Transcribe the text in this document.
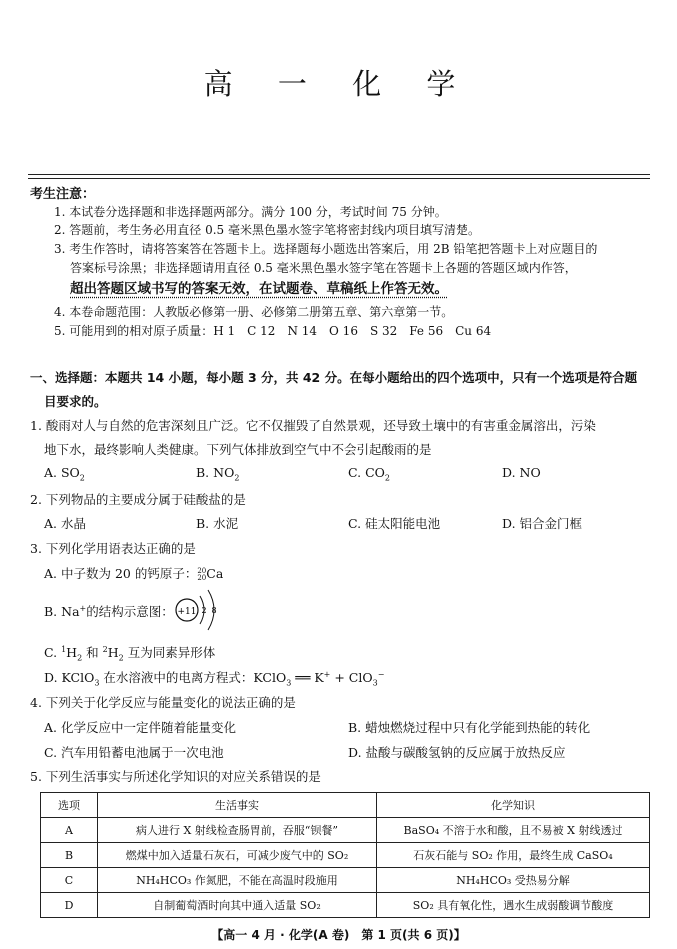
高 一 化 学
考生注意：
1. 本试卷分选择题和非选择题两部分。满分 100 分，考试时间 75 分钟。
2. 答题前，考生务必用直径 0.5 毫米黑色墨水签字笔将密封线内项目填写清楚。
3. 考生作答时，请将答案答在答题卡上。选择题每小题选出答案后，用 2B 铅笔把答题卡上对应题目的
答案标号涂黑；非选择题请用直径 0.5 毫米黑色墨水签字笔在答题卡上各题的答题区域内作答，
超出答题区域书写的答案无效，在试题卷、草稿纸上作答无效。
4. 本卷命题范围：人教版必修第一册、必修第二册第五章、第六章第一节。
5. 可能用到的相对原子质量：H 1　C 12　N 14　O 16　S 32　Fe 56　Cu 64
一、选择题：本题共 14 小题，每小题 3 分，共 42 分。在每小题给出的四个选项中，只有一个选项是符合题
目要求的。
1. 酸雨对人与自然的危害深刻且广泛。它不仅摧毁了自然景观，还导致土壤中的有害重金属溶出，污染
地下水，最终影响人类健康。下列气体排放到空气中不会引起酸雨的是
A. $SO_2$	B. $NO_2$	C. $CO_2$	D. NO
2. 下列物品的主要成分属于硅酸盐的是
A. 水晶	B. 水泥	C. 硅太阳能电池	D. 铝合金门框
3. 下列化学用语表达正确的是
A. 中子数为 20 的钙原子：20
20Ca
B. Na+的结构示意图： +11 2 8
C. $^1H_2$ 和 $^2H_2$ 互为同素异形体
D. KClO$_3$ 在水溶液中的电离方程式：KClO$_3$ ══ K+ + ClO$_3$−
4. 下列关于化学反应与能量变化的说法正确的是
A. 化学反应中一定伴随着能量变化	B. 蜡烛燃烧过程中只有化学能到热能的转化
C. 汽车用铅蓄电池属于一次电池	D. 盐酸与碳酸氢钠的反应属于放热反应
5. 下列生活事实与所述化学知识的对应关系错误的是
选项	生活事实	化学知识
A	病人进行 X 射线检查肠胃前，吞服“钡餐”	BaSO₄ 不溶于水和酸，且不易被 X 射线透过
B	燃煤中加入适量石灰石，可减少废气中的 SO₂	石灰石能与 SO₂ 作用，最终生成 CaSO₄
C	NH₄HCO₃ 作氮肥，不能在高温时段施用	NH₄HCO₃ 受热易分解
D	自制葡萄酒时向其中通入适量 SO₂	SO₂ 具有氧化性，遇水生成弱酸调节酸度
【高一 4 月 · 化学(A 卷)　第 1 页(共 6 页)】
